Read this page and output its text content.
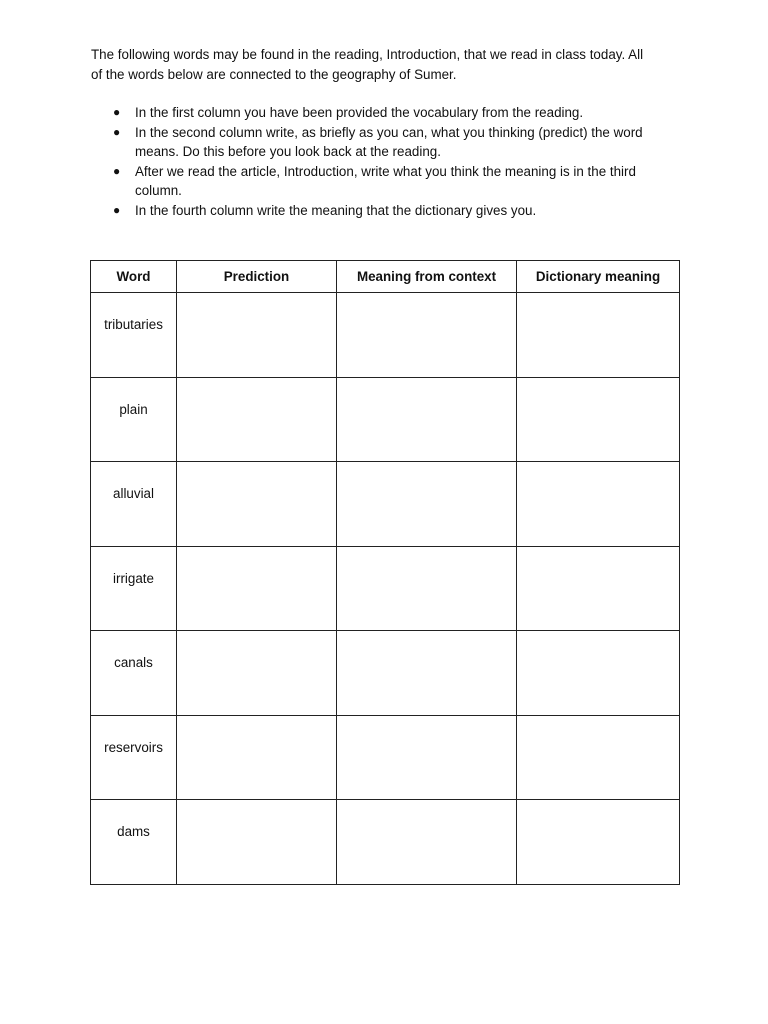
The following words may be found in the reading, Introduction, that we read in class today. All
of the words below are connected to the geography of Sumer.

● In the first column you have been provided the vocabulary from the reading.
● In the second column write, as briefly as you can, what you thinking (predict) the word
means. Do this before you look back at the reading.
● After we read the article, Introduction, write what you think the meaning is in the third
column.
● In the fourth column write the meaning that the dictionary gives you.
Word	Prediction	Meaning from context	Dictionary meaning
tributaries			
plain			
alluvial			
irrigate			
canals			
reservoirs			
dams			
